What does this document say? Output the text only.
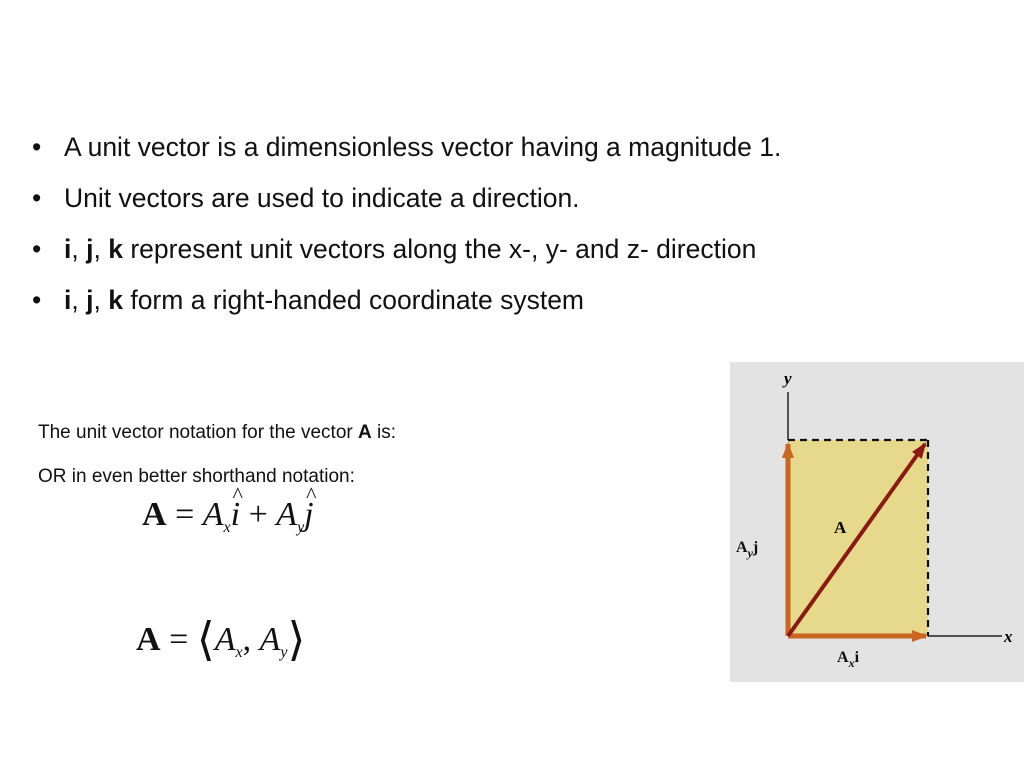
• A unit vector is a dimensionless vector having a magnitude 1.
• Unit vectors are used to indicate a direction.
• i, j, k represent unit vectors along the x-, y- and z- direction
• i, j, k form a right-handed coordinate system
The unit vector notation for the vector A is:
OR in even better shorthand notation:
$A = A_xi$ ^ + $A_yj$ ^
$A = ⟨A_x$, $A_y⟩$
y
x
A
$A_yj$
$A_xi$
